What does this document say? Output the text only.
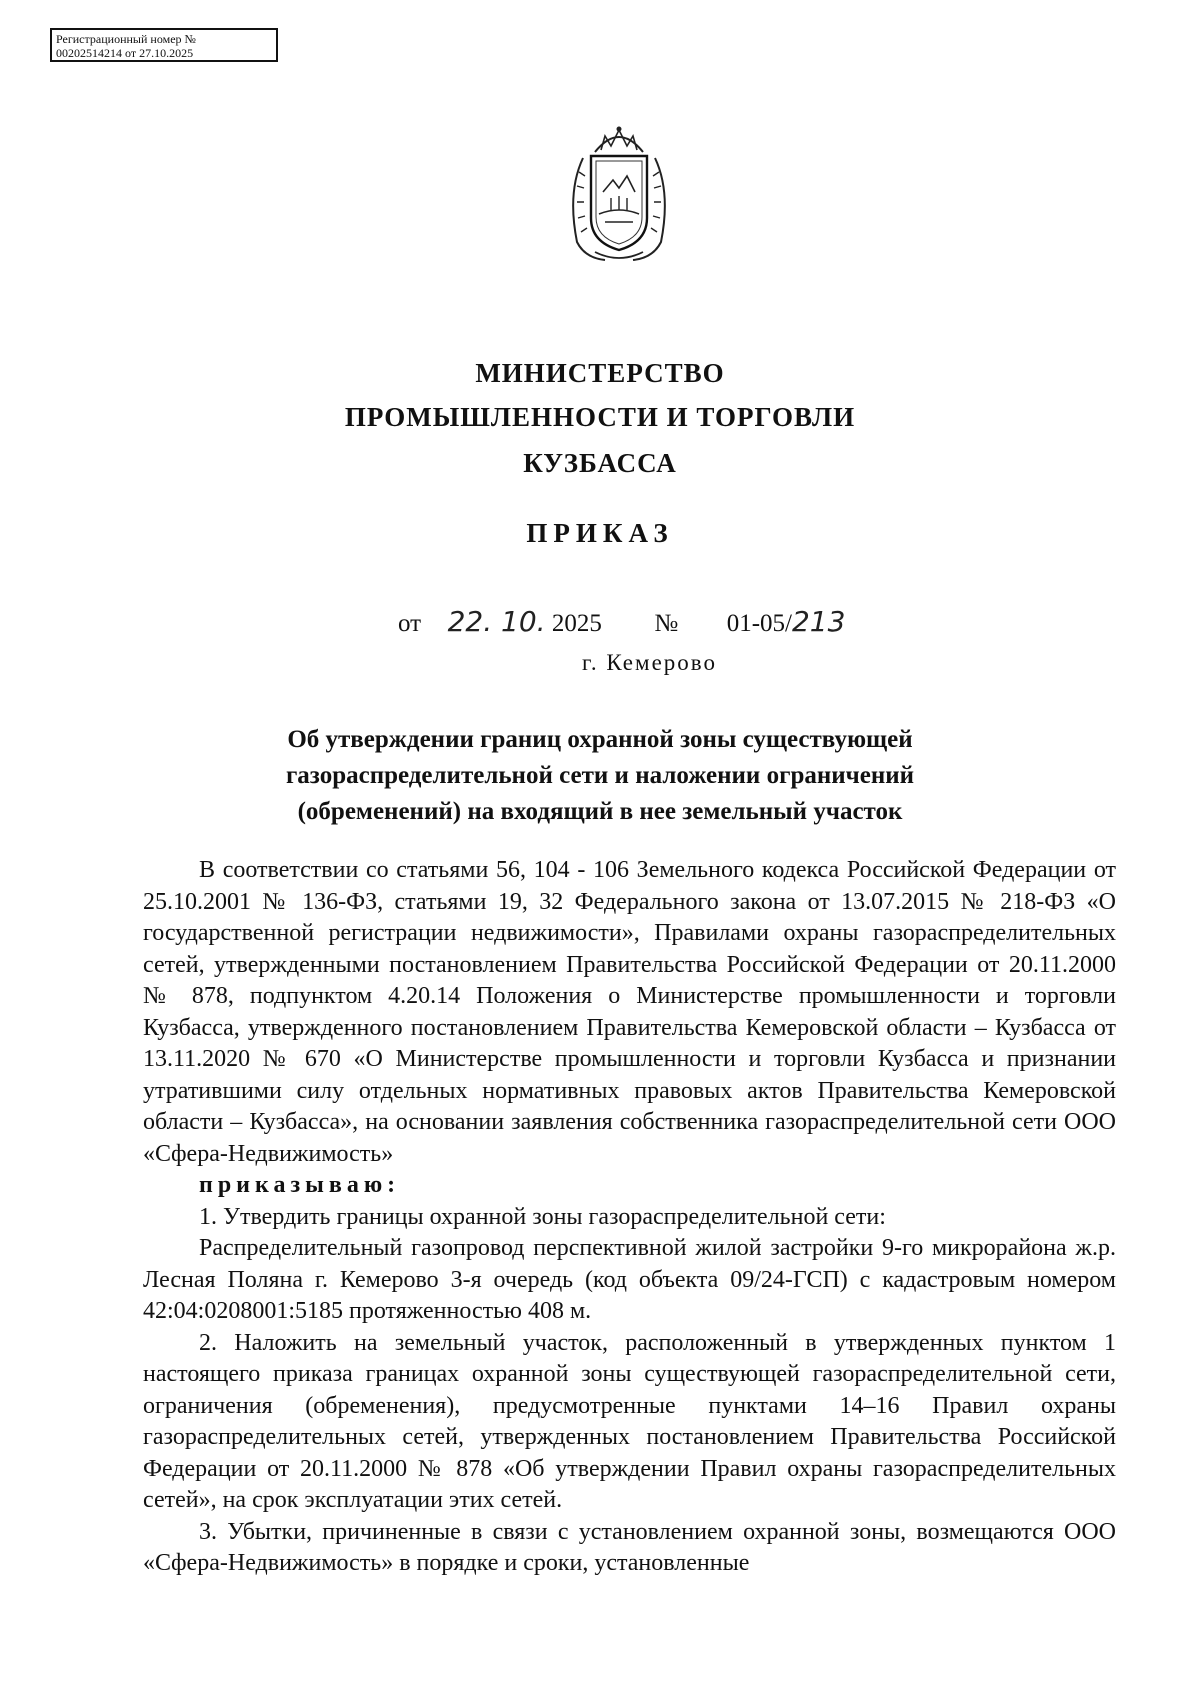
Регистрационный номер №
00202514214 от 27.10.2025
МИНИСТЕРСТВО
ПРОМЫШЛЕННОСТИ И ТОРГОВЛИ
КУЗБАССА
ПРИКАЗ
от 22. 10. 2025 № 01-05/213
г. Кемерово
Об утверждении границ охранной зоны существующей
газораспределительной сети и наложении ограничений
(обременений) на входящий в нее земельный участок

В соответствии со статьями 56, 104 - 106 Земельного кодекса Российской Федерации от 25.10.2001 № 136-ФЗ, статьями 19, 32 Федерального закона от 13.07.2015 № 218-ФЗ «О государственной регистрации недвижимости», Правилами охраны газораспределительных сетей, утвержденными постановлением Правительства Российской Федерации от 20.11.2000 № 878, подпунктом 4.20.14 Положения о Министерстве промышленности и торговли Кузбасса, утвержденного постановлением Правительства Кемеровской области – Кузбасса от 13.11.2020 № 670 «О Министерстве промышленности и торговли Кузбасса и признании утратившими силу отдельных нормативных правовых актов Правительства Кемеровской области – Кузбасса», на основании заявления собственника газораспределительной сети ООО «Сфера-Недвижимость»

приказываю:

1. Утвердить границы охранной зоны газораспределительной сети:

Распределительный газопровод перспективной жилой застройки 9-го микрорайона ж.р. Лесная Поляна г. Кемерово 3-я очередь (код объекта 09/24-ГСП) с кадастровым номером 42:04:0208001:5185 протяженностью 408 м.

2. Наложить на земельный участок, расположенный в утвержденных пунктом 1 настоящего приказа границах охранной зоны существующей газораспределительной сети, ограничения (обременения), предусмотренные пунктами 14–16 Правил охраны газораспределительных сетей, утвержденных постановлением Правительства Российской Федерации от 20.11.2000 № 878 «Об утверждении Правил охраны газораспределительных сетей», на срок эксплуатации этих сетей.

3. Убытки, причиненные в связи с установлением охранной зоны, возмещаются ООО «Сфера-Недвижимость» в порядке и сроки, установленные
